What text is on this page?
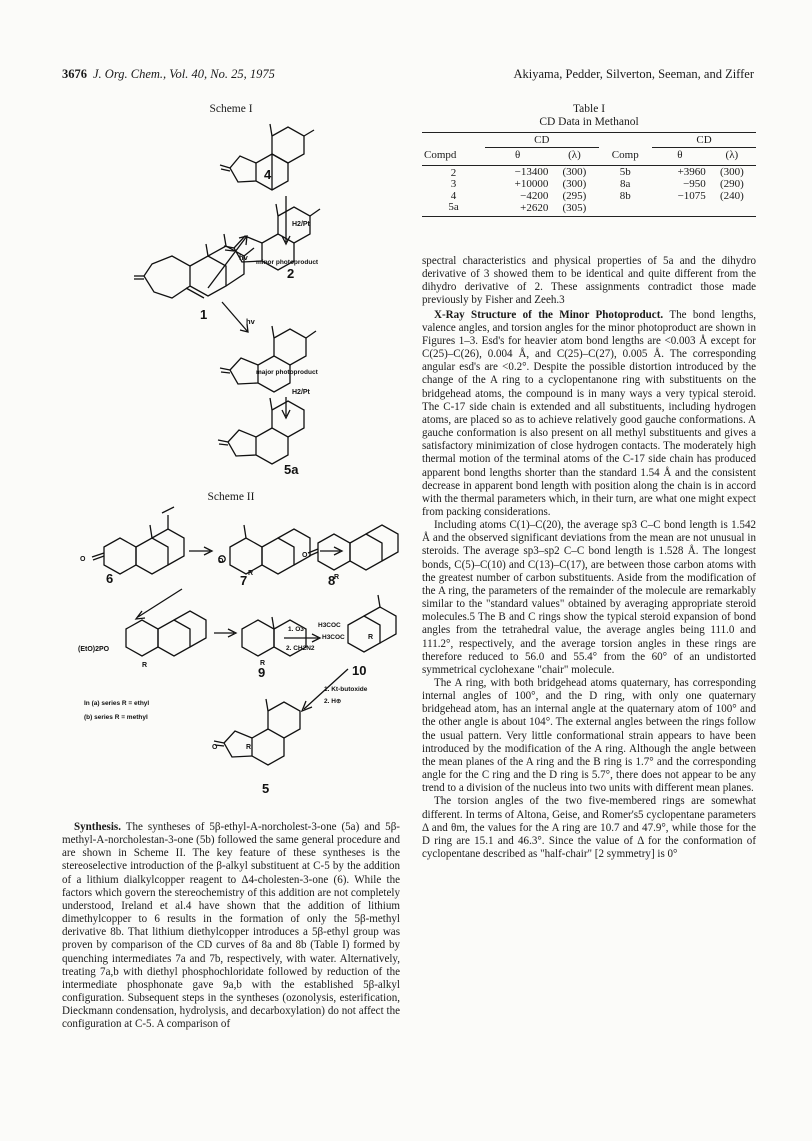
3676 J. Org. Chem., Vol. 40, No. 25, 1975	Akiyama, Pedder, Silverton, Seeman, and Ziffer
Scheme I
4
H2/Pt
hv
minor photoproduct
2
1	hv
major photoproduct
H2/Pt
5a
Scheme II
O
6
O
R
7
O
R
8
(EtO)2PO
R	R
9
1. O3
2. CH2N2
H3COC
H3COC	R
10
1. Kt-butoxide
2. H⊕
In (a) series R = ethyl
(b) series R = methyl
O	R
5

Synthesis. The syntheses of 5β-ethyl-A-norcholest-3-one (5a) and 5β-methyl-A-norcholestan-3-one (5b) followed the same general procedure and are shown in Scheme II. The key feature of these syntheses is the stereoselective introduction of the β-alkyl substituent at C-5 by the addition of a lithium dialkylcopper reagent to Δ4-cholesten-3-one (6). While the factors which govern the stereochemistry of this addition are not completely understood, Ireland et al.4 have shown that the addition of lithium dimethylcopper to 6 results in the formation of only the 5β-methyl derivative 8b. That lithium diethylcopper introduces a 5β-ethyl group was proven by comparison of the CD curves of 8a and 8b (Table I) formed by quenching intermediates 7a and 7b, respectively, with water. Alternatively, treating 7a,b with diethyl phosphochloridate followed by reduction of the intermediate phosphonate gave 9a,b with the established 5β-alkyl configuration. Subsequent steps in the syntheses (ozonolysis, esterification, Dieckmann condensation, hydrolysis, and decarboxylation) do not affect the configuration at C-5. A comparison of

Table I
CD Data in Methanol
	CD			CD	
Compd	θ	(λ)	Comp	θ	(λ)
2	−13400	(300)	5b	+3960	(300)
3	+10000	(300)	8a	−950	(290)
4	−4200	(295)	8b	−1075	(240)
5a	+2620	(305)			

spectral characteristics and physical properties of 5a and the dihydro derivative of 3 showed them to be identical and quite different from the dihydro derivative of 2. These assignments contradict those made previously by Fisher and Zeeh.3

X-Ray Structure of the Minor Photoproduct. The bond lengths, valence angles, and torsion angles for the minor photoproduct are shown in Figures 1–3. Esd's for heavier atom bond lengths are <0.003 Å except for C(25)–C(26), 0.004 Å, and C(25)–C(27), 0.005 Å. The corresponding angular esd's are <0.2°. Despite the possible distortion introduced by the change of the A ring to a cyclopentanone ring with substituents on the bridgehead atoms, the compound is in many ways a very typical steroid. The C-17 side chain is extended and all substituents, including hydrogen atoms, are placed so as to achieve relatively good gauche conformations. A gauche conformation is also present on all methyl substituents and gives a satisfactory minimization of close hydrogen contacts. The moderately high thermal motion of the terminal atoms of the C-17 side chain has produced apparent bond lengths shorter than the standard 1.54 Å and the consistent decrease in apparent bond length with position along the chain is in accord with the thermal parameters which, in their turn, are what one might expect from packing considerations.

Including atoms C(1)–C(20), the average sp3 C–C bond length is 1.542 Å and the observed significant deviations from the mean are not unusual in steroids. The average sp3–sp2 C–C bond length is 1.528 Å. The longest bonds, C(5)–C(10) and C(13)–C(17), are between those carbon atoms with the greatest number of carbon substituents. Aside from the modification of the A ring, the parameters of the remainder of the molecule are remarkably similar to the "standard values" obtained by averaging appropriate steroid molecules.5 The B and C rings show the typical steroid expansion of bond angles from the tetrahedral value, the average angles being 111.0 and 111.2°, respectively, and the average torsion angles in these rings are therefore reduced to 56.0 and 55.4° from the 60° of an undistorted symmetrical cyclohexane "chair" molecule.

The A ring, with both bridgehead atoms quaternary, has corresponding internal angles of 100°, and the D ring, with only one quaternary bridgehead atom, has an internal angle at the quaternary atom of 100° and the other angle is about 104°. The external angles between the rings follow the usual pattern. Very little conformational strain appears to have been introduced by the modification of the A ring. Although the angle between the mean planes of the A ring and the B ring is 1.7° and the corresponding angle for the C ring and the D ring is 5.7°, there does not appear to be any trend to a division of the nucleus into two units with different mean planes.

The torsion angles of the two five-membered rings are somewhat different. In terms of Altona, Geise, and Romer's5 cyclopentane parameters Δ and θm, the values for the A ring are 10.7 and 47.9°, while those for the D ring are 15.1 and 46.3°. Since the value of Δ for the conformation of cyclopentane described as "half-chair" [2 symmetry] is 0°
